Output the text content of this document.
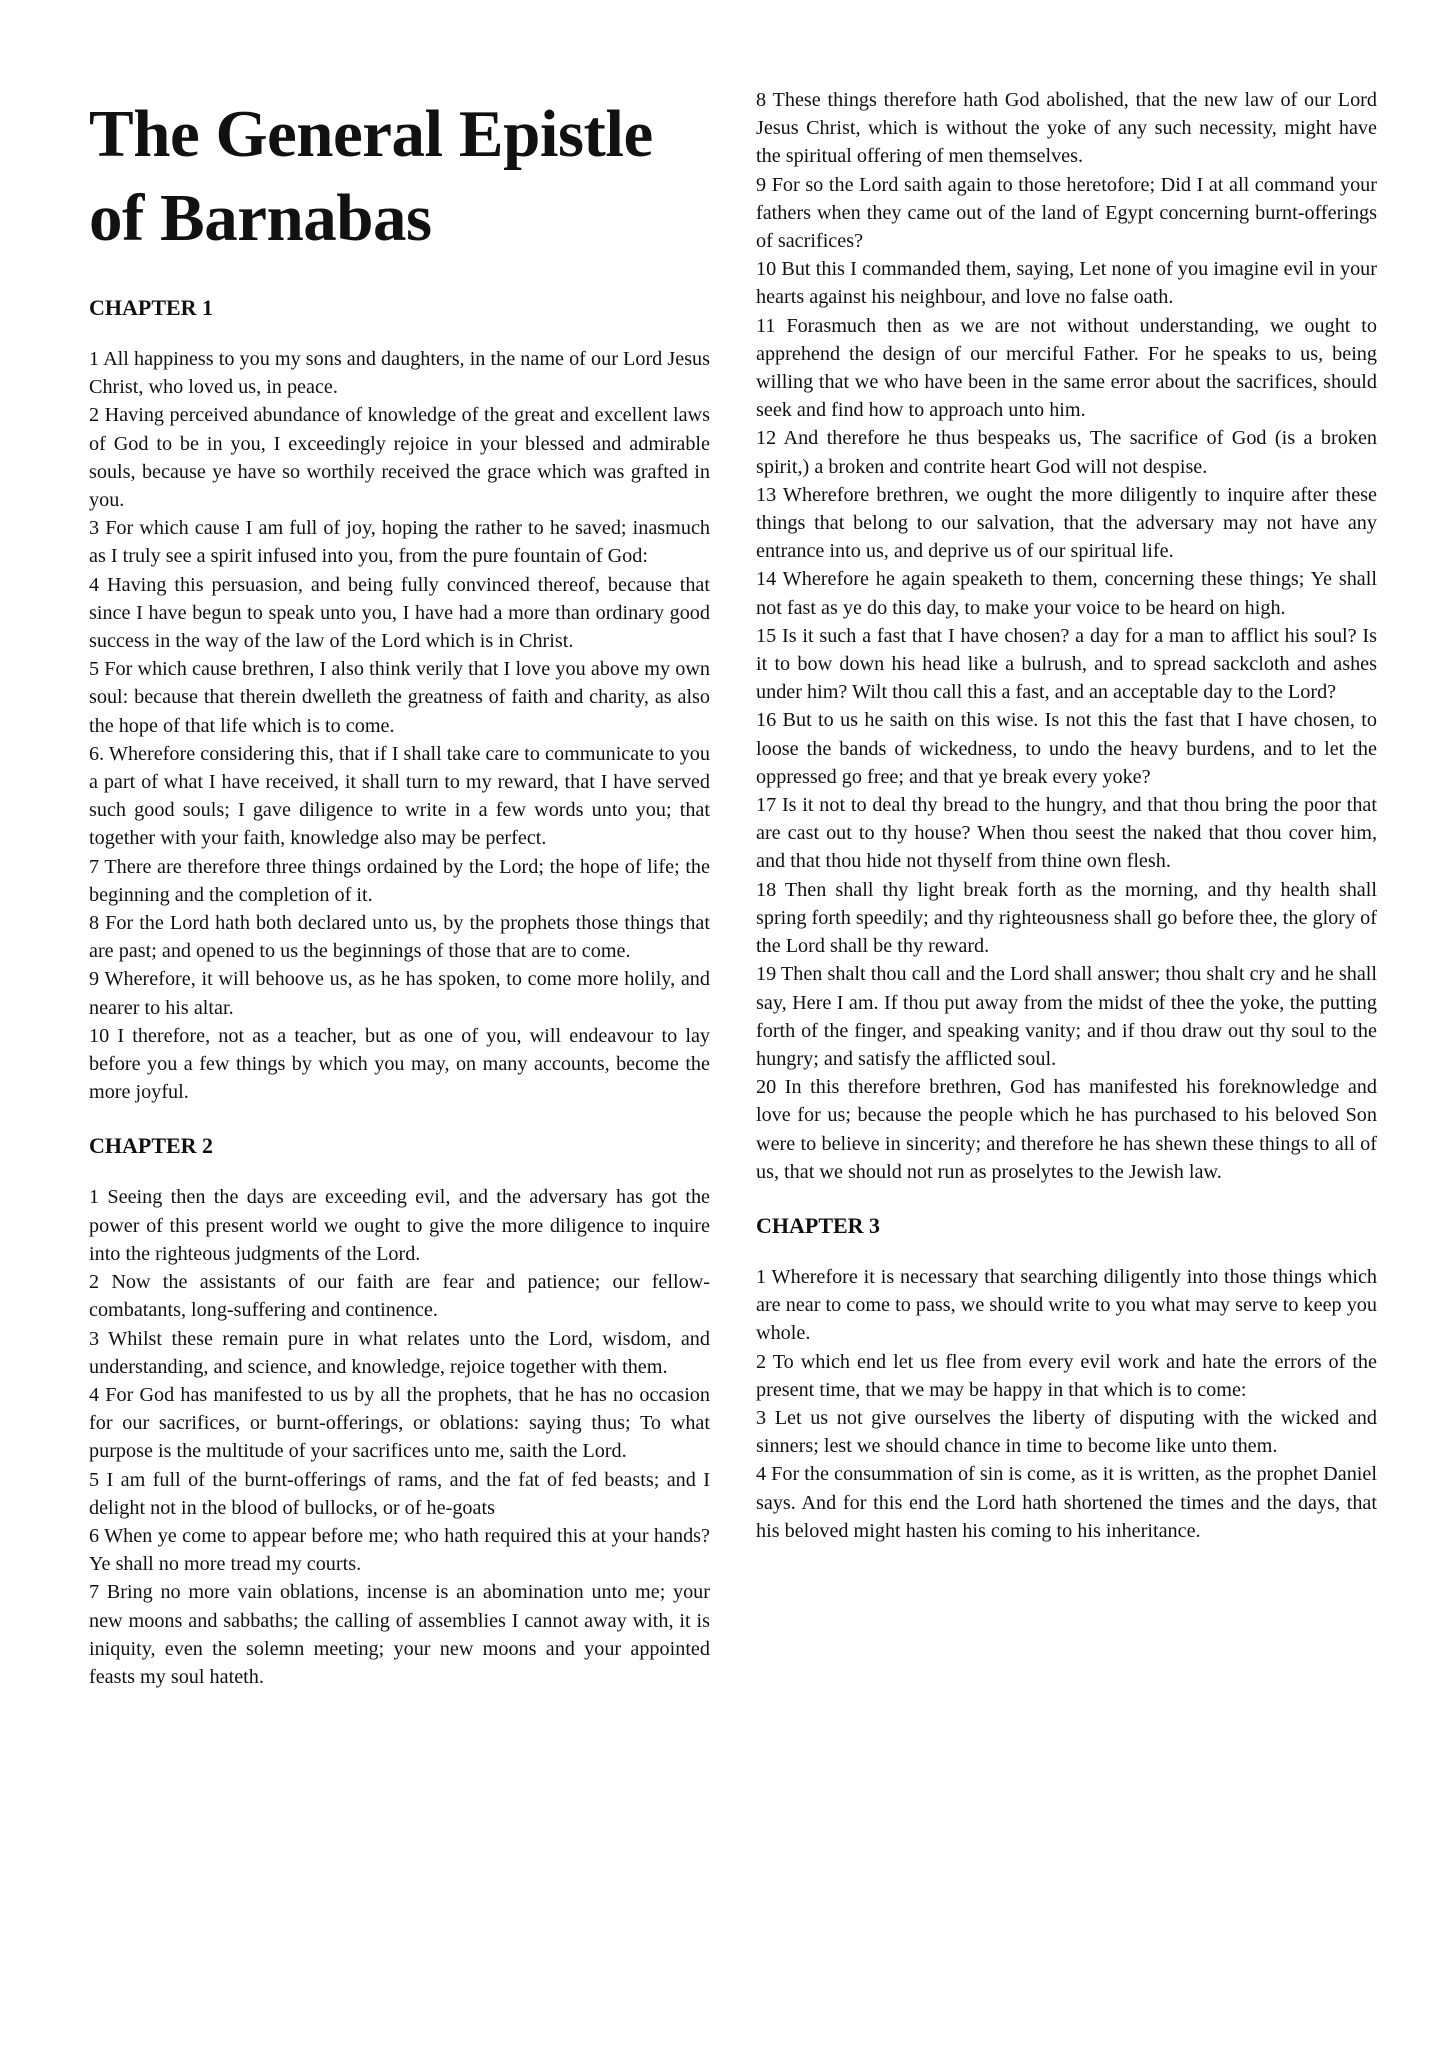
The General Epistle
of Barnabas
CHAPTER 1

1 All happiness to you my sons and daughters, in the name of our Lord Jesus Christ, who loved us, in peace.

2 Having perceived abundance of knowledge of the great and excellent laws of God to be in you, I exceedingly rejoice in your blessed and admirable souls, because ye have so worthily received the grace which was grafted in you.

3 For which cause I am full of joy, hoping the rather to he saved; inasmuch as I truly see a spirit infused into you, from the pure fountain of God:

4 Having this persuasion, and being fully convinced thereof, because that since I have begun to speak unto you, I have had a more than ordinary good success in the way of the law of the Lord which is in Christ.

5 For which cause brethren, I also think verily that I love you above my own soul: because that therein dwelleth the greatness of faith and charity, as also the hope of that life which is to come.

6. Wherefore considering this, that if I shall take care to communicate to you a part of what I have received, it shall turn to my reward, that I have served such good souls; I gave diligence to write in a few words unto you; that together with your faith, knowledge also may be perfect.

7 There are therefore three things ordained by the Lord; the hope of life; the beginning and the completion of it.

8 For the Lord hath both declared unto us, by the prophets those things that are past; and opened to us the beginnings of those that are to come.

9 Wherefore, it will behoove us, as he has spoken, to come more holily, and nearer to his altar.

10 I therefore, not as a teacher, but as one of you, will endeavour to lay before you a few things by which you may, on many accounts, become the more joyful.

CHAPTER 2

1 Seeing then the days are exceeding evil, and the adversary has got the power of this present world we ought to give the more diligence to inquire into the righteous judgments of the Lord.

2 Now the assistants of our faith are fear and patience; our fellow-combatants, long-suffering and continence.

3 Whilst these remain pure in what relates unto the Lord, wisdom, and understanding, and science, and knowledge, rejoice together with them.

4 For God has manifested to us by all the prophets, that he has no occasion for our sacrifices, or burnt-offerings, or oblations: saying thus; To what purpose is the multitude of your sacrifices unto me, saith the Lord.

5 I am full of the burnt-offerings of rams, and the fat of fed beasts; and I delight not in the blood of bullocks, or of he-goats

6 When ye come to appear before me; who hath required this at your hands? Ye shall no more tread my courts.

7 Bring no more vain oblations, incense is an abomination unto me; your new moons and sabbaths; the calling of assemblies I cannot away with, it is iniquity, even the solemn meeting; your new moons and your appointed feasts my soul hateth.

8 These things therefore hath God abolished, that the new law of our Lord Jesus Christ, which is without the yoke of any such necessity, might have the spiritual offering of men themselves.

9 For so the Lord saith again to those heretofore; Did I at all command your fathers when they came out of the land of Egypt concerning burnt-offerings of sacrifices?

10 But this I commanded them, saying, Let none of you imagine evil in your hearts against his neighbour, and love no false oath.

11 Forasmuch then as we are not without understanding, we ought to apprehend the design of our merciful Father. For he speaks to us, being willing that we who have been in the same error about the sacrifices, should seek and find how to approach unto him.

12 And therefore he thus bespeaks us, The sacrifice of God (is a broken spirit,) a broken and contrite heart God will not despise.

13 Wherefore brethren, we ought the more diligently to inquire after these things that belong to our salvation, that the adversary may not have any entrance into us, and deprive us of our spiritual life.

14 Wherefore he again speaketh to them, concerning these things; Ye shall not fast as ye do this day, to make your voice to be heard on high.

15 Is it such a fast that I have chosen? a day for a man to afflict his soul? Is it to bow down his head like a bulrush, and to spread sackcloth and ashes under him? Wilt thou call this a fast, and an acceptable day to the Lord?

16 But to us he saith on this wise. Is not this the fast that I have chosen, to loose the bands of wickedness, to undo the heavy burdens, and to let the oppressed go free; and that ye break every yoke?

17 Is it not to deal thy bread to the hungry, and that thou bring the poor that are cast out to thy house? When thou seest the naked that thou cover him, and that thou hide not thyself from thine own flesh.

18 Then shall thy light break forth as the morning, and thy health shall spring forth speedily; and thy righteousness shall go before thee, the glory of the Lord shall be thy reward.

19 Then shalt thou call and the Lord shall answer; thou shalt cry and he shall say, Here I am. If thou put away from the midst of thee the yoke, the putting forth of the finger, and speaking vanity; and if thou draw out thy soul to the hungry; and satisfy the afflicted soul.

20 In this therefore brethren, God has manifested his foreknowledge and love for us; because the people which he has purchased to his beloved Son were to believe in sincerity; and therefore he has shewn these things to all of us, that we should not run as proselytes to the Jewish law.

CHAPTER 3

1 Wherefore it is necessary that searching diligently into those things which are near to come to pass, we should write to you what may serve to keep you whole.

2 To which end let us flee from every evil work and hate the errors of the present time, that we may be happy in that which is to come:

3 Let us not give ourselves the liberty of disputing with the wicked and sinners; lest we should chance in time to become like unto them.

4 For the consummation of sin is come, as it is written, as the prophet Daniel says. And for this end the Lord hath shortened the times and the days, that his beloved might hasten his coming to his inheritance.
